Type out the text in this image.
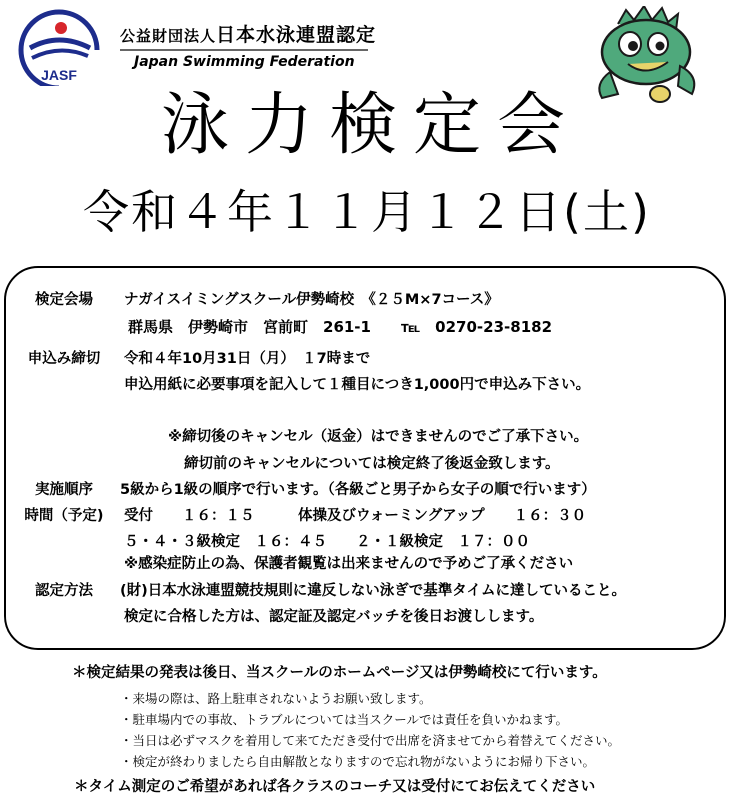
JASF
公益財団法人日本水泳連盟認定
Japan Swimming Federation
泳力検定会
令和４年１１月１２日(土)
検定会場	ナガイスイミングスクール伊勢崎校　《２５M×7コース》
群馬県　伊勢崎市　宮前町　261-1　　℡　0270-23-8182
申込み締切	令和４年10月31日（月）　１7時まで
申込用紙に必要事項を記入して１種目につき1,000円で申込み下さい。
※締切後のキャンセル（返金）はできませんのでご了承下さい。
締切前のキャンセルについては検定終了後返金致します。
実施順序	5級から1級の順序で行います。（各級ごと男子から女子の順で行います）
時間（予定)	受付　　１６：１５　　　体操及びウォーミングアップ　　１６：３０
５・４・３級検定　１６：４５　　２・１級検定　１７：００
※感染症防止の為、保護者観覧は出来ませんので予めご了承ください
認定方法	(財)日本水泳連盟競技規則に違反しない泳ぎで基準タイムに達していること。
検定に合格した方は、認定証及認定バッチを後日お渡しします。
＊検定結果の発表は後日、当スクールのホームページ又は伊勢崎校にて行います。
・来場の際は、路上駐車されないようお願い致します。
・駐車場内での事故、トラブルについては当スクールでは責任を負いかねます。
・当日は必ずマスクを着用して来てただき受付で出席を済ませてから着替えてください。
・検定が終わりましたら自由解散となりますので忘れ物がないようにお帰り下さい。
＊タイム測定のご希望があれば各クラスのコーチ又は受付にてお伝えてください
